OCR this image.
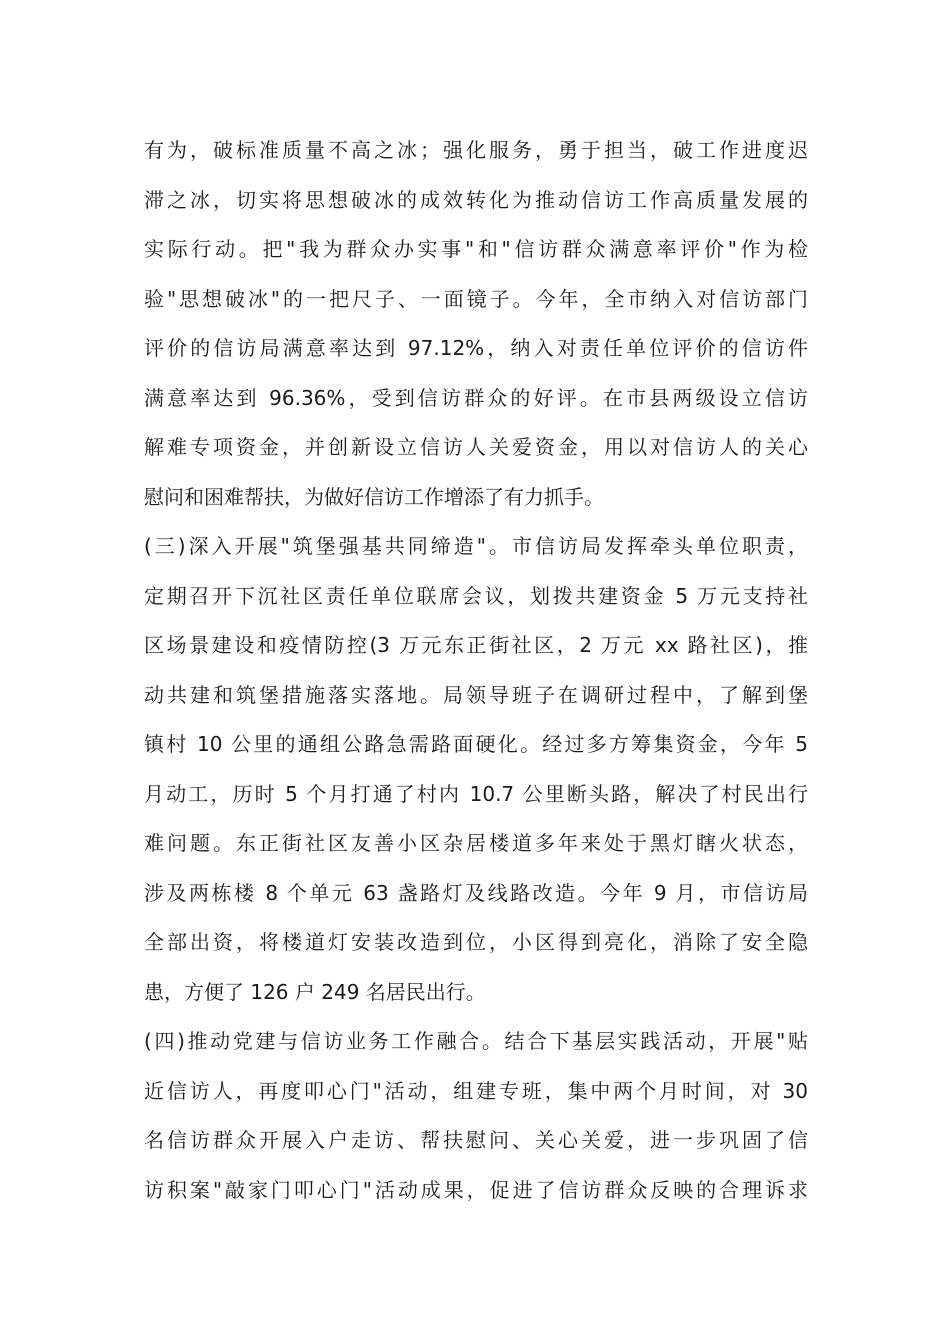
有为，破标准质量不高之冰；强化服务，勇于担当，破工作进度迟
滞之冰，切实将思想破冰的成效转化为推动信访工作高质量发展的
实际行动。把"我为群众办实事"和"信访群众满意率评价"作为检
验"思想破冰"的一把尺子、一面镜子。今年，全市纳入对信访部门
评价的信访局满意率达到 97.12%，纳入对责任单位评价的信访件
满意率达到 96.36%，受到信访群众的好评。在市县两级设立信访
解难专项资金，并创新设立信访人关爱资金，用以对信访人的关心
慰问和困难帮扶，为做好信访工作增添了有力抓手。
(三)深入开展"筑堡强基共同缔造"。市信访局发挥牵头单位职责，
定期召开下沉社区责任单位联席会议，划拨共建资金 5 万元支持社
区场景建设和疫情防控(3 万元东正街社区，2 万元 xx 路社区)，推
动共建和筑堡措施落实落地。局领导班子在调研过程中，了解到堡
镇村 10 公里的通组公路急需路面硬化。经过多方筹集资金，今年 5
月动工，历时 5 个月打通了村内 10.7 公里断头路，解决了村民出行
难问题。东正街社区友善小区杂居楼道多年来处于黑灯瞎火状态，
涉及两栋楼 8 个单元 63 盏路灯及线路改造。今年 9 月，市信访局
全部出资，将楼道灯安装改造到位，小区得到亮化，消除了安全隐
患，方便了 126 户 249 名居民出行。
(四)推动党建与信访业务工作融合。结合下基层实践活动，开展"贴
近信访人，再度叩心门"活动，组建专班，集中两个月时间，对 30
名信访群众开展入户走访、帮扶慰问、关心关爱，进一步巩固了信
访积案"敲家门叩心门"活动成果，促进了信访群众反映的合理诉求
